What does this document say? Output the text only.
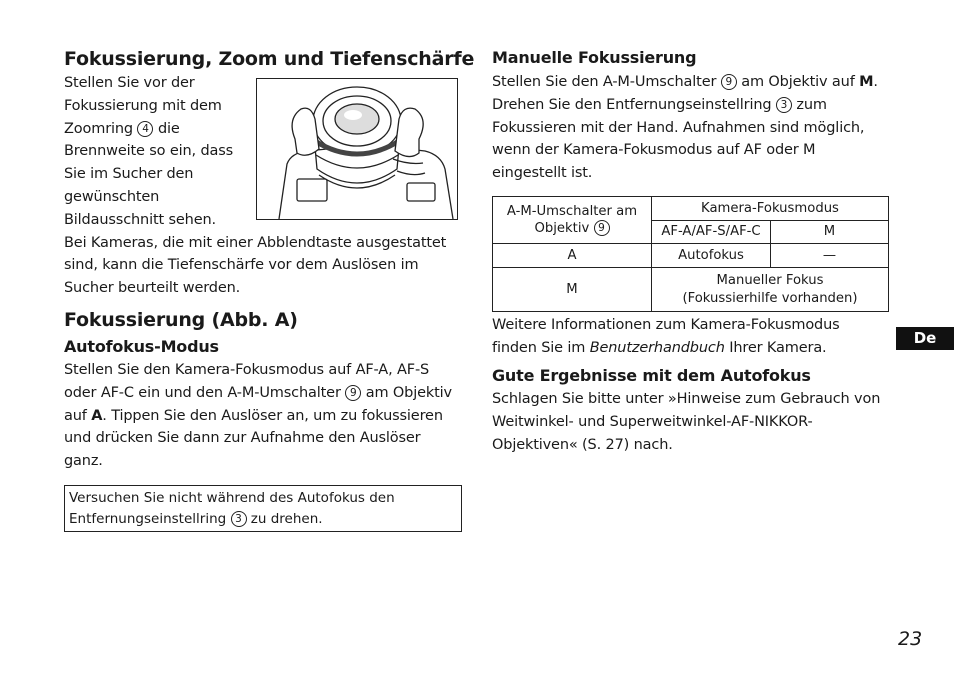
Fokussierung, Zoom und Tiefenschärfe
Stellen Sie vor der
Fokussierung mit dem
Zoomring 4 die
Brennweite so ein, dass
Sie im Sucher den
gewünschten
Bildausschnitt sehen.
Bei Kameras, die mit einer Abblendtaste ausgestattet
sind, kann die Tiefenschärfe vor dem Auslösen im
Sucher beurteilt werden.
Fokussierung (Abb. A)
Autofokus-Modus
Stellen Sie den Kamera-Fokusmodus auf AF-A, AF-S
oder AF-C ein und den A-M-Umschalter 9 am Objektiv
auf A. Tippen Sie den Auslöser an, um zu fokussieren
und drücken Sie dann zur Aufnahme den Auslöser
ganz.
Versuchen Sie nicht während des Autofokus den
Entfernungseinstellring 3 zu drehen.
Manuelle Fokussierung
Stellen Sie den A-M-Umschalter 9 am Objektiv auf M.
Drehen Sie den Entfernungseinstellring 3 zum
Fokussieren mit der Hand. Aufnahmen sind möglich,
wenn der Kamera-Fokusmodus auf AF oder M
eingestellt ist.
A-M-Umschalter am
Objektiv 9	Kamera-Fokusmodus	
	AF-A/AF-S/AF-C	M
A	Autofokus	—
M	Manueller Fokus
(Fokussierhilfe vorhanden)	
Weitere Informationen zum Kamera-Fokusmodus
finden Sie im Benutzerhandbuch Ihrer Kamera.
Gute Ergebnisse mit dem Autofokus
Schlagen Sie bitte unter »Hinweise zum Gebrauch von
Weitwinkel- und Superweitwinkel-AF-NIKKOR-
Objektiven« (S. 27) nach.
De
23
